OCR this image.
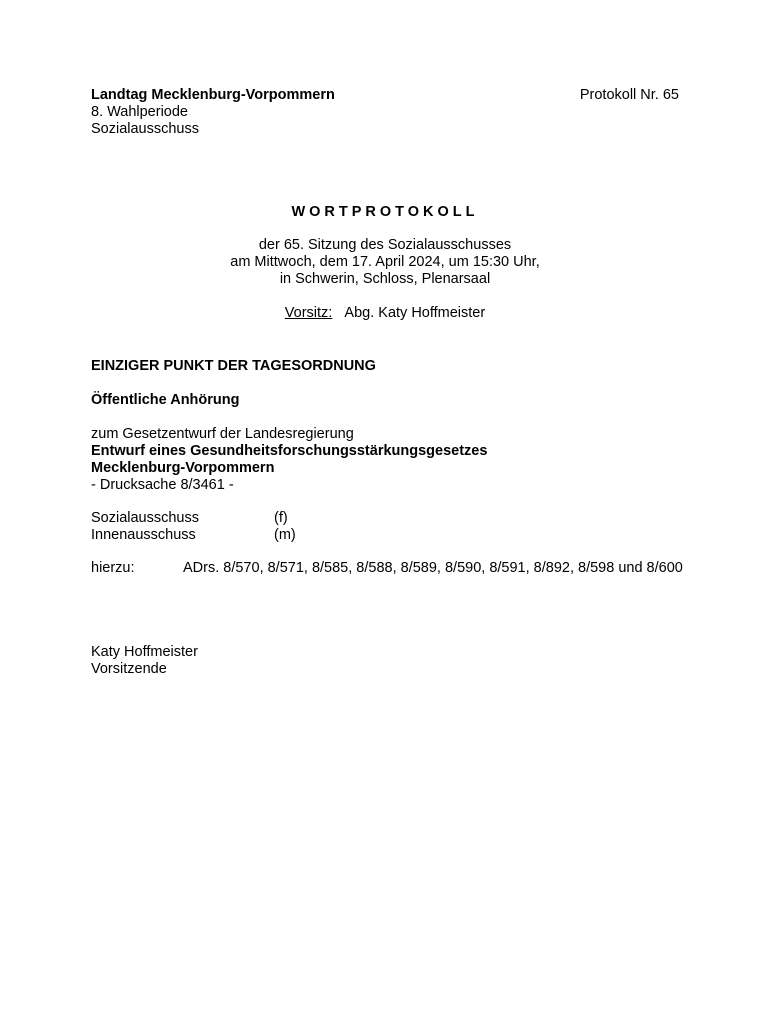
Landtag Mecklenburg-Vorpommern
8. Wahlperiode
Sozialausschuss
Protokoll Nr. 65
WORTPROTOKOLL
der 65. Sitzung des Sozialausschusses
am Mittwoch, dem 17. April 2024, um 15:30 Uhr,
in Schwerin, Schloss, Plenarsaal
Vorsitz: Abg. Katy Hoffmeister
EINZIGER PUNKT DER TAGESORDNUNG
Öffentliche Anhörung
zum Gesetzentwurf der Landesregierung
Entwurf eines Gesundheitsforschungsstärkungsgesetzes
Mecklenburg-Vorpommern
- Drucksache 8/3461 -
Sozialausschuss	(f)
Innenausschuss	(m)
hierzu:	ADrs. 8/570, 8/571, 8/585, 8/588, 8/589, 8/590, 8/591, 8/892, 8/598 und 8/600
Katy Hoffmeister
Vorsitzende
